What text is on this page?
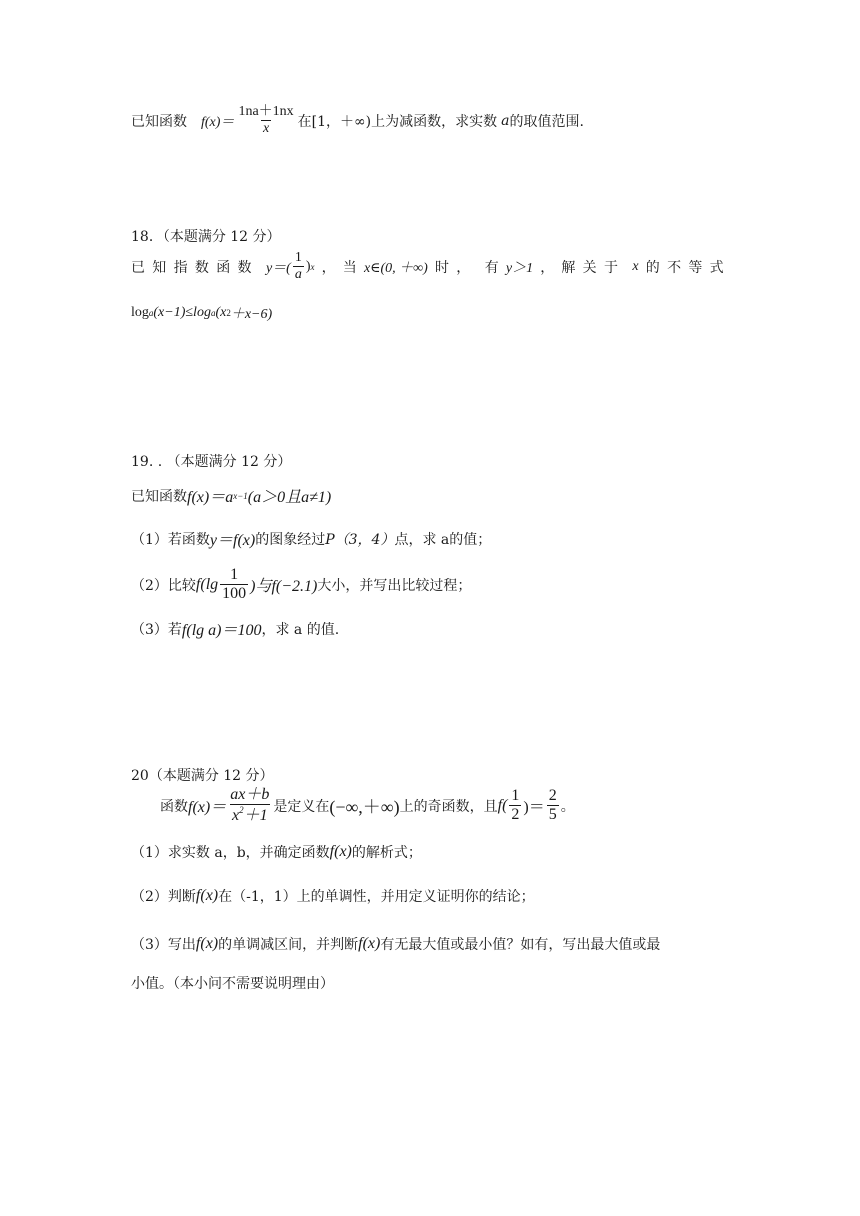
已知函数 $f(x)= \frac{1na+1nx}{x}$ 在[1，＋∞)上为减函数，求实数 a 的取值范围.
18．（本题满分 12 分）
已知指数函数 $y=( \frac{1}{a}$ ) x ， 当 x∈(0, ＋∞) 时， 有 y＞1 ， 解关于 x 的不等式
log a (x−1)≤log a (x 2 ＋x−6)
19. . （本题满分 12 分）
已知函数 f(x)＝a x−1 (a＞0且a≠1)
（1）若函数 y＝f(x) 的图象经过 P（3，4） 点，求 a的值；
（2）比较 $f(\lg \frac{1}{100}$ )与f(−2.1) 大小，并写出比较过程；
（3）若 f(lg a)＝100 ，求 a 的值.
20（本题满分 12 分）
函数 $f(x)= \frac{ax+b}{x^2+1}$ 是定义在 (−∞,＋∞) 上的奇函数，且 $f( \frac{1}{2}$ )＝ $\frac{2}{5}$ 。
（1）求实数 a，b，并确定函数 f(x) 的解析式；
（2）判断 f(x) 在（-1，1）上的单调性，并用定义证明你的结论；
（3）写出 f(x) 的单调减区间，并判断 f(x) 有无最大值或最小值？如有，写出最大值或最
小值。（本小问不需要说明理由）
